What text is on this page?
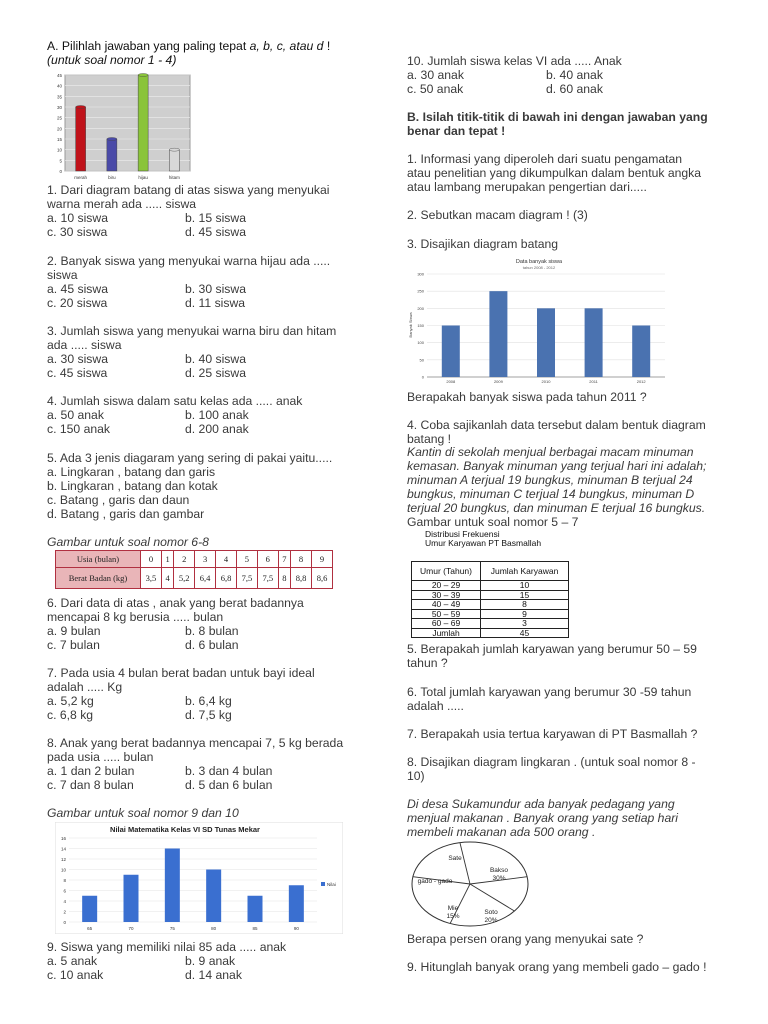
A. Pilihlah jawaban yang paling tepat a, b, c, atau d !
(untuk soal nomor 1 - 4)
0
5
10
15
20
25
30
35
40
45
merah	biru	hijau	hitam
1. Dari diagram batang di atas siswa yang menyukai
warna merah ada ..... siswa
a. 10 siswa	b. 15 siswa
c. 30 siswa	d. 45 siswa
2. Banyak siswa yang menyukai warna hijau ada .....
siswa
a. 45 siswa	b. 30 siswa
c. 20 siswa	d. 11 siswa
3. Jumlah siswa yang menyukai warna biru dan hitam
ada ..... siswa
a. 30 siswa	b. 40 siswa
c. 45 siswa	d. 25 siswa
4. Jumlah siswa dalam satu kelas ada ..... anak
a. 50 anak	b. 100 anak
c. 150 anak	d. 200 anak
5. Ada 3 jenis diagaram yang sering di pakai yaitu.....
a. Lingkaran , batang dan garis
b. Lingkaran , batang dan kotak
c. Batang , garis dan daun
d. Batang , garis dan gambar
Gambar untuk soal nomor 6-8
Usia (bulan)	0	1	2	3	4	5	6	7	8	9
Berat Badan (kg)	3,5	4	5,2	6,4	6,8	7,5	7,5	8	8,8	8,6
6. Dari data di atas , anak yang berat badannya
mencapai 8 kg berusia ..... bulan
a. 9 bulan	b. 8 bulan
c. 7 bulan	d. 6 bulan
7. Pada usia 4 bulan berat badan untuk bayi ideal
adalah ..... Kg
a. 5,2 kg	b. 6,4 kg
c. 6,8 kg	d. 7,5 kg
8. Anak yang berat badannya mencapai 7, 5 kg berada
pada usia ..... bulan
a. 1 dan 2 bulan	b. 3 dan 4 bulan
c. 7 dan 8 bulan	d. 5 dan 6 bulan
Gambar untuk soal nomor 9 dan 10
Nilai Matematika Kelas VI SD Tunas Mekar
0
2
4
6
8
10
12
14
16
65	70	75	80	85	90
Nilai
9. Siswa yang memiliki nilai 85 ada ..... anak
a. 5 anak	b. 9 anak
c. 10 anak	d. 14 anak
10. Jumlah siswa kelas VI ada ..... Anak
a. 30 anak	b. 40 anak
c. 50 anak	d. 60 anak
B. Isilah titik-titik di bawah ini dengan jawaban yang
benar dan tepat !
1. Informasi yang diperoleh dari suatu pengamatan
atau penelitian yang dikumpulkan dalam bentuk angka
atau lambang merupakan pengertian dari.....
2. Sebutkan macam diagram ! (3)
3. Disajikan diagram batang
Data banyak siswa
tahun 2008 - 2012
Banyak Siswa
0
50
100
150
200
250
300
2008	2009	2010	2011	2012
Berapakah banyak siswa pada tahun 2011 ?
4. Coba sajikanlah data tersebut dalam bentuk diagram
batang !
Kantin di sekolah menjual berbagai macam minuman
kemasan. Banyak minuman yang terjual hari ini adalah;
minuman A terjual 19 bungkus, minuman B terjual 24
bungkus, minuman C terjual 14 bungkus, minuman D
terjual 20 bungkus, dan minuman E terjual 16 bungkus.
Gambar untuk soal nomor 5 – 7
Distribusi Frekuensi
Umur Karyawan PT Basmallah
Umur (Tahun)	Jumlah Karyawan
20 – 29	10
30 – 39	15
40 – 49	8
50 – 59	9
60 – 69	3
Jumlah	45
5. Berapakah jumlah karyawan yang berumur 50 – 59
tahun ?
6. Total jumlah karyawan yang berumur 30 -59 tahun
adalah .....
7. Berapakah usia tertua karyawan di PT Basmallah ?
8. Disajikan diagram lingkaran . (untuk soal nomor 8 -
10)
Di desa Sukamundur ada banyak pedagang yang
menjual makanan . Banyak orang yang setiap hari
membeli makanan ada 500 orang .
Sate
Bakso
30%
Soto
20%
Mie
15%
gado - gado
Berapa persen orang yang menyukai sate ?
9. Hitunglah banyak orang yang membeli gado – gado !
